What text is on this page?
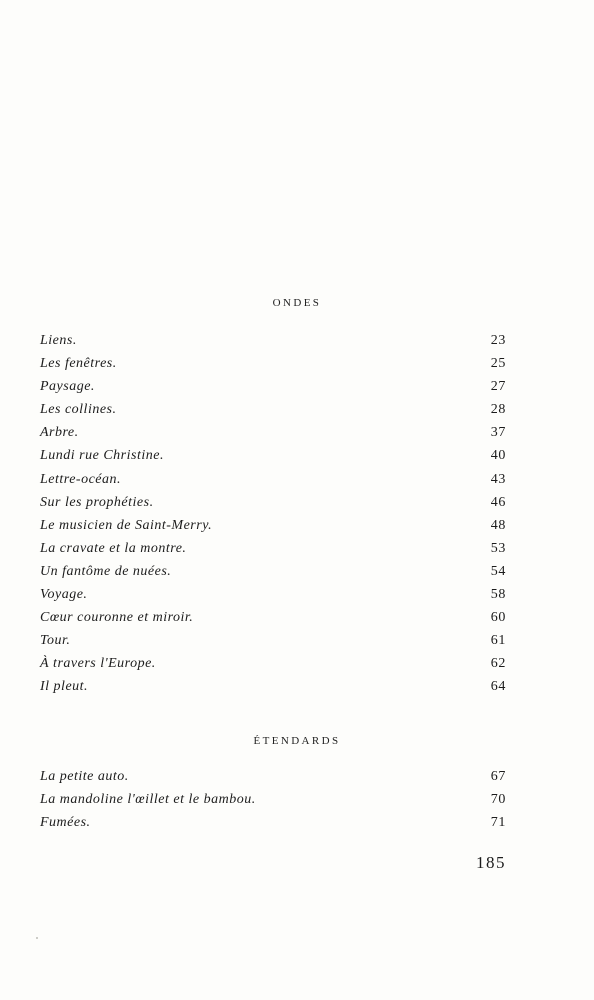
ONDES
Liens.	23
Les fenêtres.	25
Paysage.	27
Les collines.	28
Arbre.	37
Lundi rue Christine.	40
Lettre-océan.	43
Sur les prophéties.	46
Le musicien de Saint-Merry.	48
La cravate et la montre.	53
Un fantôme de nuées.	54
Voyage.	58
Cœur couronne et miroir.	60
Tour.	61
À travers l'Europe.	62
Il pleut.	64
ÉTENDARDS
La petite auto.	67
La mandoline l'œillet et le bambou.	70
Fumées.	71
185
